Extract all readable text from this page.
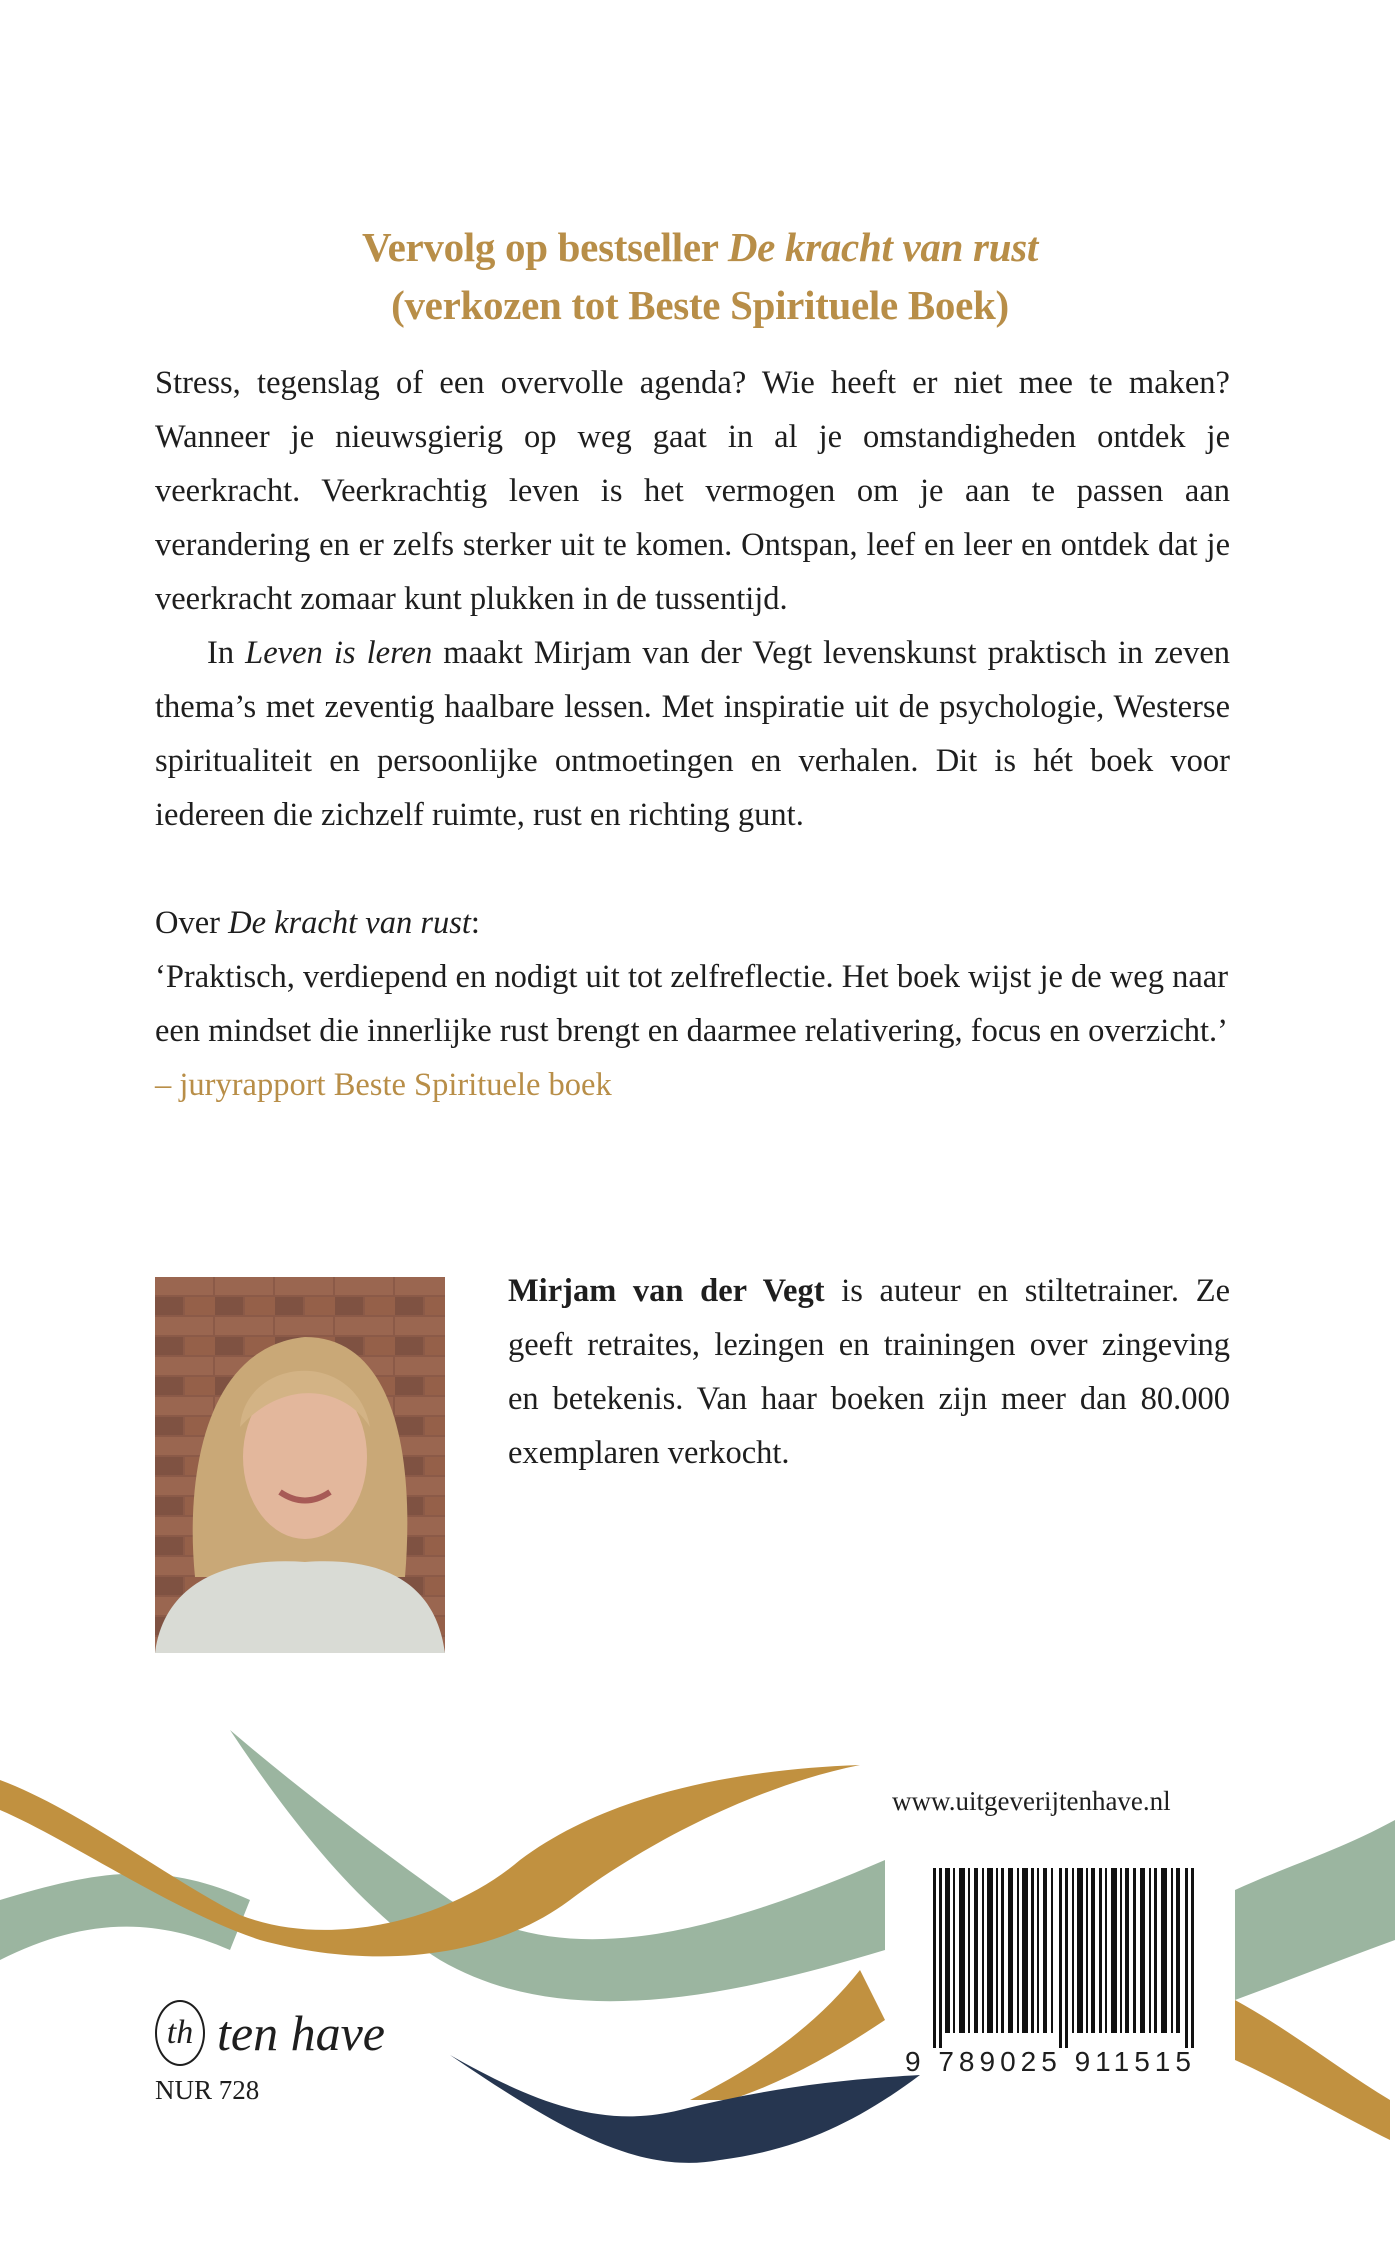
Vervolg op bestseller De kracht van rust
(verkozen tot Beste Spirituele Boek)

Stress, tegenslag of een overvolle agenda? Wie heeft er niet mee te maken? Wanneer je nieuwsgierig op weg gaat in al je omstandigheden ontdek je veerkracht. Veerkrachtig leven is het vermogen om je aan te passen aan verandering en er zelfs sterker uit te komen. Ontspan, leef en leer en ontdek dat je veerkracht zomaar kunt plukken in de tussentijd.

In Leven is leren maakt Mirjam van der Vegt levenskunst praktisch in zeven thema’s met zeventig haalbare lessen. Met inspiratie uit de psychologie, Westerse spiritualiteit en persoonlijke ontmoetingen en verhalen. Dit is hét boek voor iedereen die zichzelf ruimte, rust en richting gunt.

Over De kracht van rust:

‘Praktisch, verdiepend en nodigt uit tot zelfreflectie. Het boek wijst je de weg naar een mindset die innerlijke rust brengt en daarmee relativering, focus en overzicht.’ – juryrapport Beste Spirituele boek

Mirjam van der Vegt is auteur en stiltetrainer. Ze geeft retraites, lezingen en trainingen over zingeving en betekenis. Van haar boeken zijn meer dan 80.000 exemplaren verkocht.
www.uitgeverijtenhave.nl
9 789025 911515
th ten have
NUR 728
